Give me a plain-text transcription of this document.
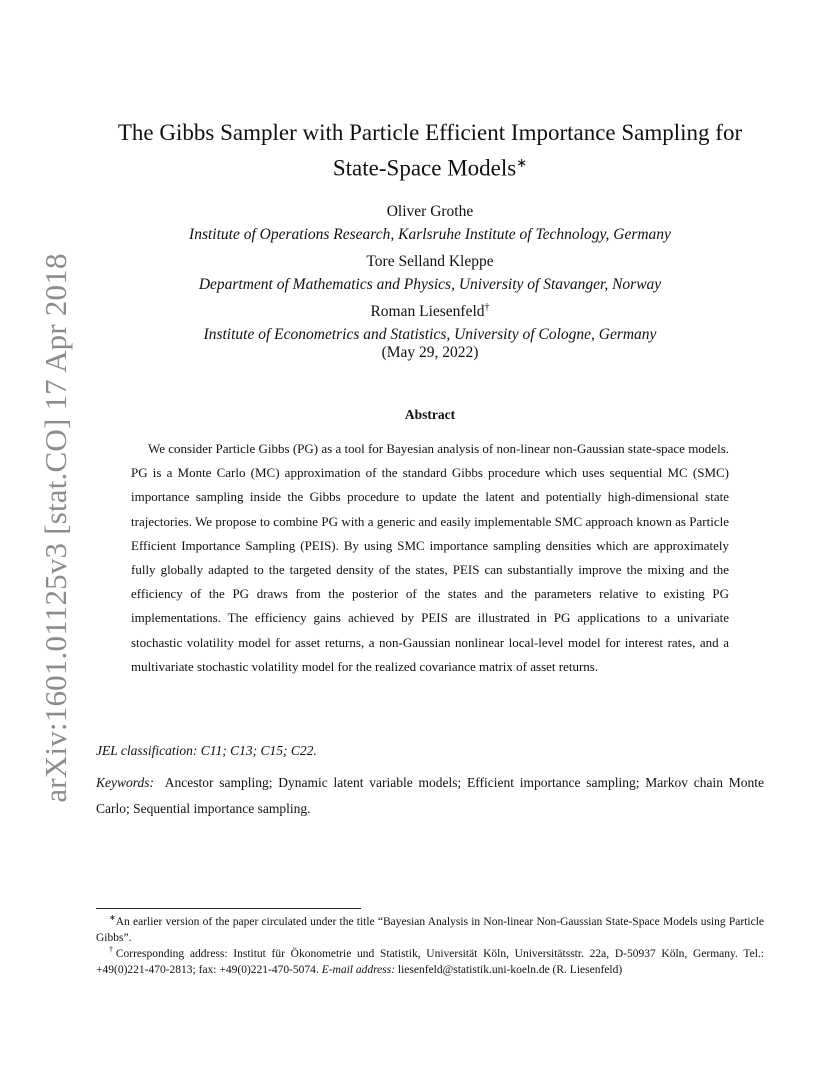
arXiv:1601.01125v3 [stat.CO] 17 Apr 2018
The Gibbs Sampler with Particle Efficient Importance Sampling for
State-Space Models∗
Oliver Grothe
Institute of Operations Research, Karlsruhe Institute of Technology, Germany
Tore Selland Kleppe
Department of Mathematics and Physics, University of Stavanger, Norway
Roman Liesenfeld†
Institute of Econometrics and Statistics, University of Cologne, Germany
(May 29, 2022)
Abstract

We consider Particle Gibbs (PG) as a tool for Bayesian analysis of non-linear non-Gaussian state-space models. PG is a Monte Carlo (MC) approximation of the standard Gibbs procedure which uses sequential MC (SMC) importance sampling inside the Gibbs procedure to update the latent and potentially high-dimensional state trajectories. We propose to combine PG with a generic and easily implementable SMC approach known as Particle Efficient Importance Sampling (PEIS). By using SMC importance sampling densities which are approximately fully globally adapted to the targeted density of the states, PEIS can substantially improve the mixing and the efficiency of the PG draws from the posterior of the states and the parameters relative to existing PG implementations. The efficiency gains achieved by PEIS are illustrated in PG applications to a univariate stochastic volatility model for asset returns, a non-Gaussian nonlinear local-level model for interest rates, and a multivariate stochastic volatility model for the realized covariance matrix of asset returns.

JEL classification: C11; C13; C15; C22.

Keywords: Ancestor sampling; Dynamic latent variable models; Efficient importance sampling; Markov chain Monte Carlo; Sequential importance sampling.

∗An earlier version of the paper circulated under the title “Bayesian Analysis in Non-linear Non-Gaussian State-Space Models using Particle Gibbs”.

†Corresponding address: Institut für Ökonometrie und Statistik, Universität Köln, Universitätsstr. 22a, D-50937 Köln, Germany. Tel.: +49(0)221-470-2813; fax: +49(0)221-470-5074. E-mail address: liesenfeld@statistik.uni-koeln.de (R. Liesenfeld)
